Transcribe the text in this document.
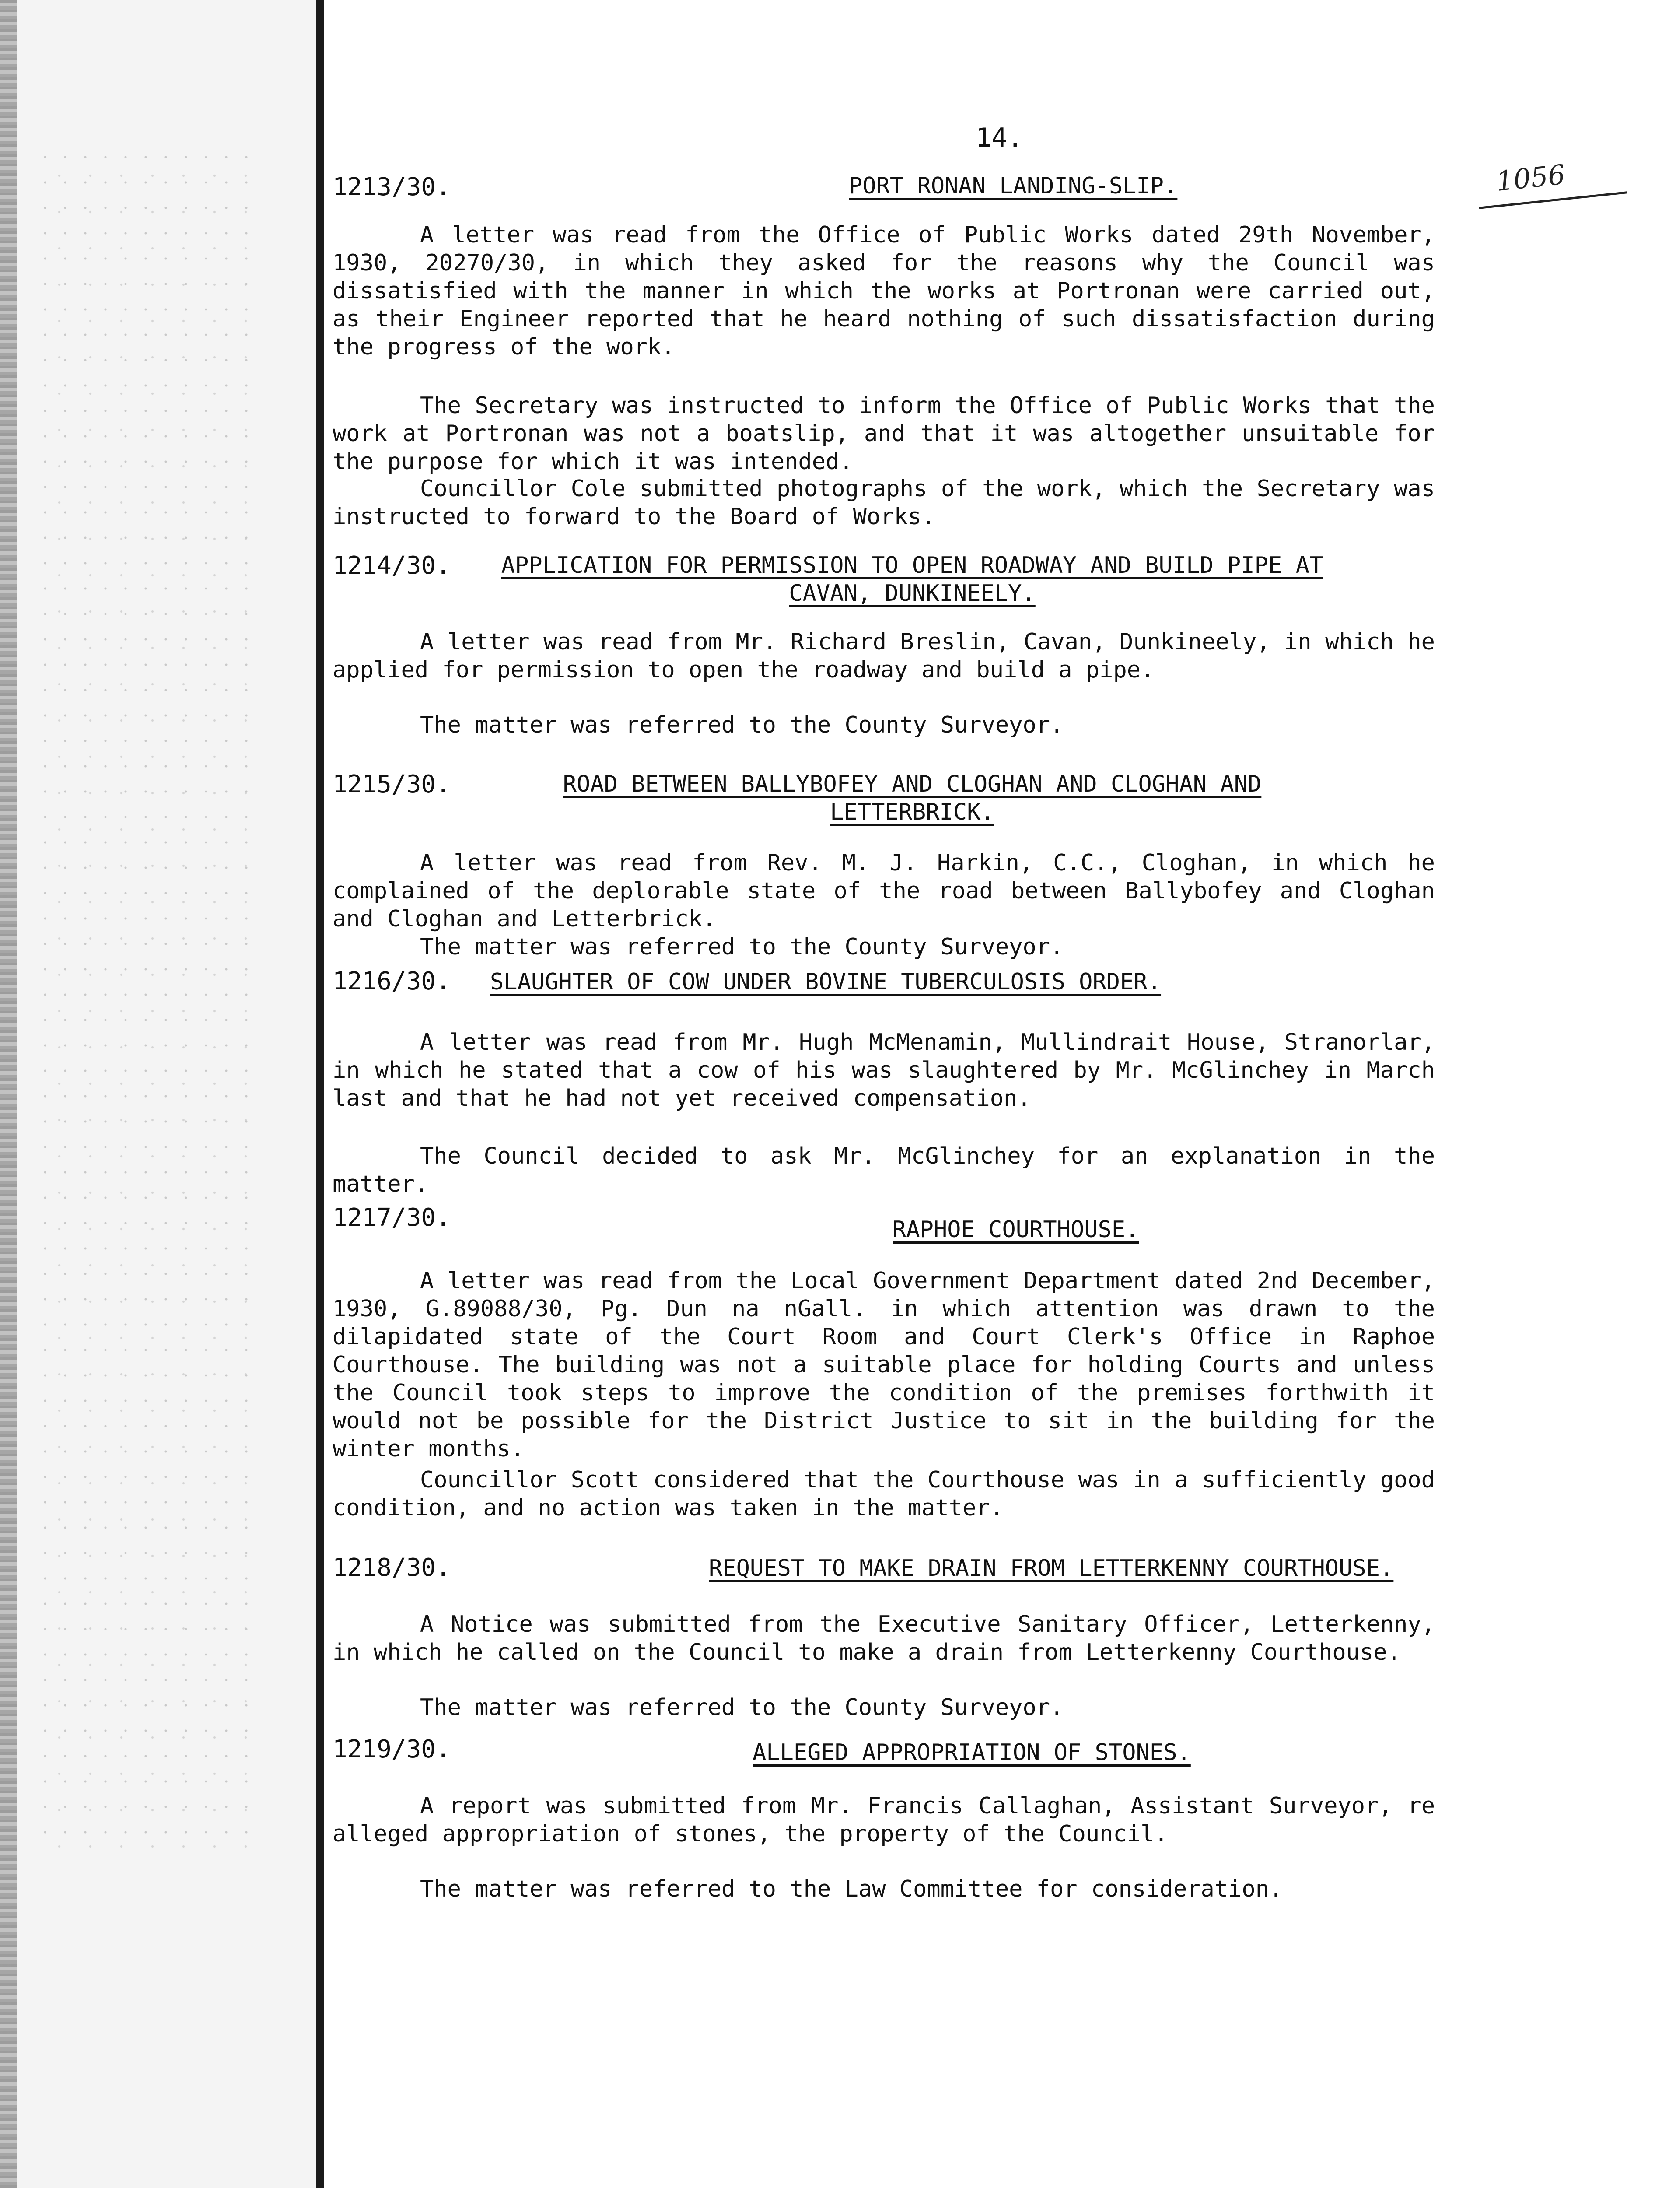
14.
1056
1213/30.	PORT RONAN LANDING-SLIP.

A letter was read from the Office of Public Works dated 29th November, 1930, 20270/30, in which they asked for the reasons why the Council was dissatisfied with the manner in which the works at Portronan were carried out, as their Engineer reported that he heard nothing of such dissatisfaction during the progress of the work.

The Secretary was instructed to inform the Office of Public Works that the work at Portronan was not a boatslip, and that it was altogether unsuitable for the purpose for which it was intended.

Councillor Cole submitted photographs of the work, which the Secretary was instructed to forward to the Board of Works.

1214/30.	APPLICATION FOR PERMISSION TO OPEN ROADWAY AND BUILD PIPE AT CAVAN, DUNKINEELY.

A letter was read from Mr. Richard Breslin, Cavan, Dunkineely, in which he applied for permission to open the roadway and build a pipe.

The matter was referred to the County Surveyor.

1215/30.	ROAD BETWEEN BALLYBOFEY AND CLOGHAN AND CLOGHAN AND LETTERBRICK.

A letter was read from Rev. M. J. Harkin, C.C., Cloghan, in which he complained of the deplorable state of the road between Ballybofey and Cloghan and Cloghan and Letterbrick.

The matter was referred to the County Surveyor.

1216/30. SLAUGHTER OF COW UNDER BOVINE TUBERCULOSIS ORDER.

A letter was read from Mr. Hugh McMenamin, Mullindrait House, Stranorlar, in which he stated that a cow of his was slaughtered by Mr. McGlinchey in March last and that he had not yet received compensation.

The Council decided to ask Mr. McGlinchey for an explanation in the matter.

1217/30.	RAPHOE COURTHOUSE.

A letter was read from the Local Government Department dated 2nd December, 1930, G.89088/30, Pg. Dun na nGall. in which attention was drawn to the dilapidated state of the Court Room and Court Clerk's Office in Raphoe Courthouse. The building was not a suitable place for holding Courts and unless the Council took steps to improve the condition of the premises forthwith it would not be possible for the District Justice to sit in the building for the winter months.

Councillor Scott considered that the Courthouse was in a sufficiently good condition, and no action was taken in the matter.

1218/30.	REQUEST TO MAKE DRAIN FROM LETTERKENNY COURTHOUSE.

A Notice was submitted from the Executive Sanitary Officer, Letterkenny, in which he called on the Council to make a drain from Letterkenny Courthouse.

The matter was referred to the County Surveyor.

1219/30.	ALLEGED APPROPRIATION OF STONES.

A report was submitted from Mr. Francis Callaghan, Assistant Surveyor, re alleged appropriation of stones, the property of the Council.

The matter was referred to the Law Committee for consideration.
